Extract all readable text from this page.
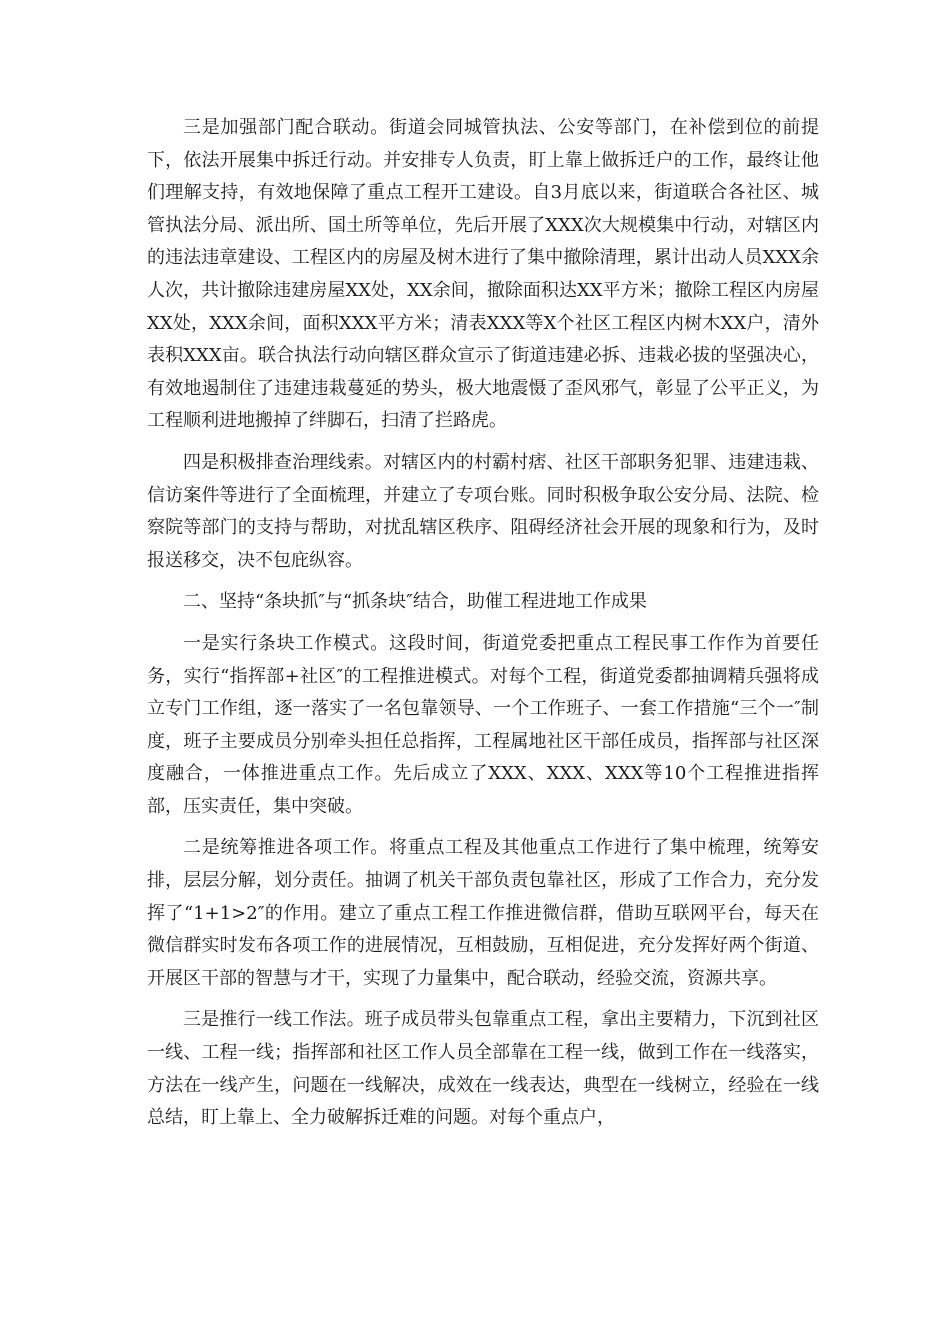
三是加强部门配合联动。街道会同城管执法、公安等部门，在补偿到位的前提下，依法开展集中拆迁行动。并安排专人负责，盯上靠上做拆迁户的工作，最终让他们理解支持，有效地保障了重点工程开工建设。自3月底以来，街道联合各社区、城管执法分局、派出所、国土所等单位，先后开展了XXX次大规模集中行动，对辖区内的违法违章建设、工程区内的房屋及树木进行了集中撤除清理，累计出动人员XXX余人次，共计撤除违建房屋XX处，XX余间，撤除面积达XX平方米；撤除工程区内房屋XX处，XXX余间，面积XXX平方米；清表XXX等X个社区工程区内树木XX户，清外表积XXX亩。联合执法行动向辖区群众宣示了街道违建必拆、违栽必拔的坚强决心，有效地遏制住了违建违栽蔓延的势头，极大地震慑了歪风邪气，彰显了公平正义，为工程顺利进地搬掉了绊脚石，扫清了拦路虎。

四是积极排查治理线索。对辖区内的村霸村痞、社区干部职务犯罪、违建违栽、信访案件等进行了全面梳理，并建立了专项台账。同时积极争取公安分局、法院、检察院等部门的支持与帮助，对扰乱辖区秩序、阻碍经济社会开展的现象和行为，及时报送移交，决不包庇纵容。

二、坚持“条块抓″与“抓条块″结合，助催工程进地工作成果

一是实行条块工作模式。这段时间，街道党委把重点工程民事工作作为首要任务，实行“指挥部+社区″的工程推进模式。对每个工程，街道党委都抽调精兵强将成立专门工作组，逐一落实了一名包靠领导、一个工作班子、一套工作措施“三个一″制度，班子主要成员分别牵头担任总指挥，工程属地社区干部任成员，指挥部与社区深度融合，一体推进重点工作。先后成立了XXX、XXX、XXX等10个工程推进指挥部，压实责任，集中突破。

二是统筹推进各项工作。将重点工程及其他重点工作进行了集中梳理，统筹安排，层层分解，划分责任。抽调了机关干部负责包靠社区，形成了工作合力，充分发挥了“1+1>2″的作用。建立了重点工程工作推进微信群，借助互联网平台，每天在微信群实时发布各项工作的进展情况，互相鼓励，互相促进，充分发挥好两个街道、开展区干部的智慧与才干，实现了力量集中，配合联动，经验交流，资源共享。

三是推行一线工作法。班子成员带头包靠重点工程，拿出主要精力，下沉到社区一线、工程一线；指挥部和社区工作人员全部靠在工程一线，做到工作在一线落实，方法在一线产生，问题在一线解决，成效在一线表达，典型在一线树立，经验在一线总结，盯上靠上、全力破解拆迁难的问题。对每个重点户，
